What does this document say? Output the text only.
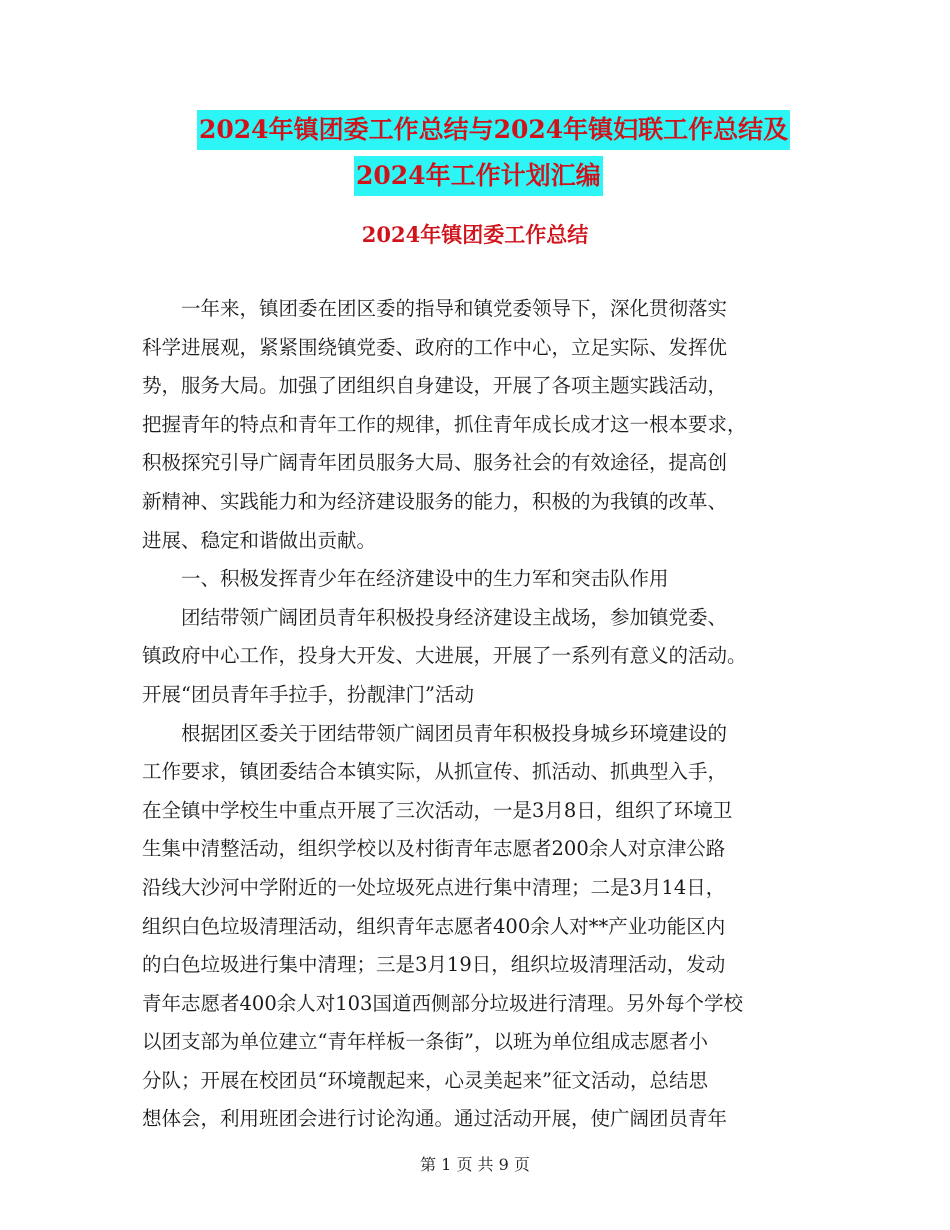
2024年镇团委工作总结与2024年镇妇联工作总结及
2024年工作计划汇编
2024年镇团委工作总结
　　一年来，镇团委在团区委的指导和镇党委领导下，深化贯彻落实
科学进展观，紧紧围绕镇党委、政府的工作中心，立足实际、发挥优
势，服务大局。加强了团组织自身建设，开展了各项主题实践活动，
把握青年的特点和青年工作的规律，抓住青年成长成才这一根本要求，
积极探究引导广阔青年团员服务大局、服务社会的有效途径，提高创
新精神、实践能力和为经济建设服务的能力，积极的为我镇的改革、
进展、稳定和谐做出贡献。
　　一、积极发挥青少年在经济建设中的生力军和突击队作用
　　团结带领广阔团员青年积极投身经济建设主战场，参加镇党委、
镇政府中心工作，投身大开发、大进展，开展了一系列有意义的活动。
开展“团员青年手拉手，扮靓津门”活动
　　根据团区委关于团结带领广阔团员青年积极投身城乡环境建设的
工作要求，镇团委结合本镇实际，从抓宣传、抓活动、抓典型入手，
在全镇中学校生中重点开展了三次活动，一是3月8日，组织了环境卫
生集中清整活动，组织学校以及村街青年志愿者200余人对京津公路
沿线大沙河中学附近的一处垃圾死点进行集中清理；二是3月14日，
组织白色垃圾清理活动，组织青年志愿者400余人对**产业功能区内
的白色垃圾进行集中清理；三是3月19日，组织垃圾清理活动，发动
青年志愿者400余人对103国道西侧部分垃圾进行清理。另外每个学校
以团支部为单位建立“青年样板一条街”，以班为单位组成志愿者小
分队；开展在校团员“环境靓起来，心灵美起来”征文活动，总结思
想体会，利用班团会进行讨论沟通。通过活动开展，使广阔团员青年
第 1 页 共 9 页
